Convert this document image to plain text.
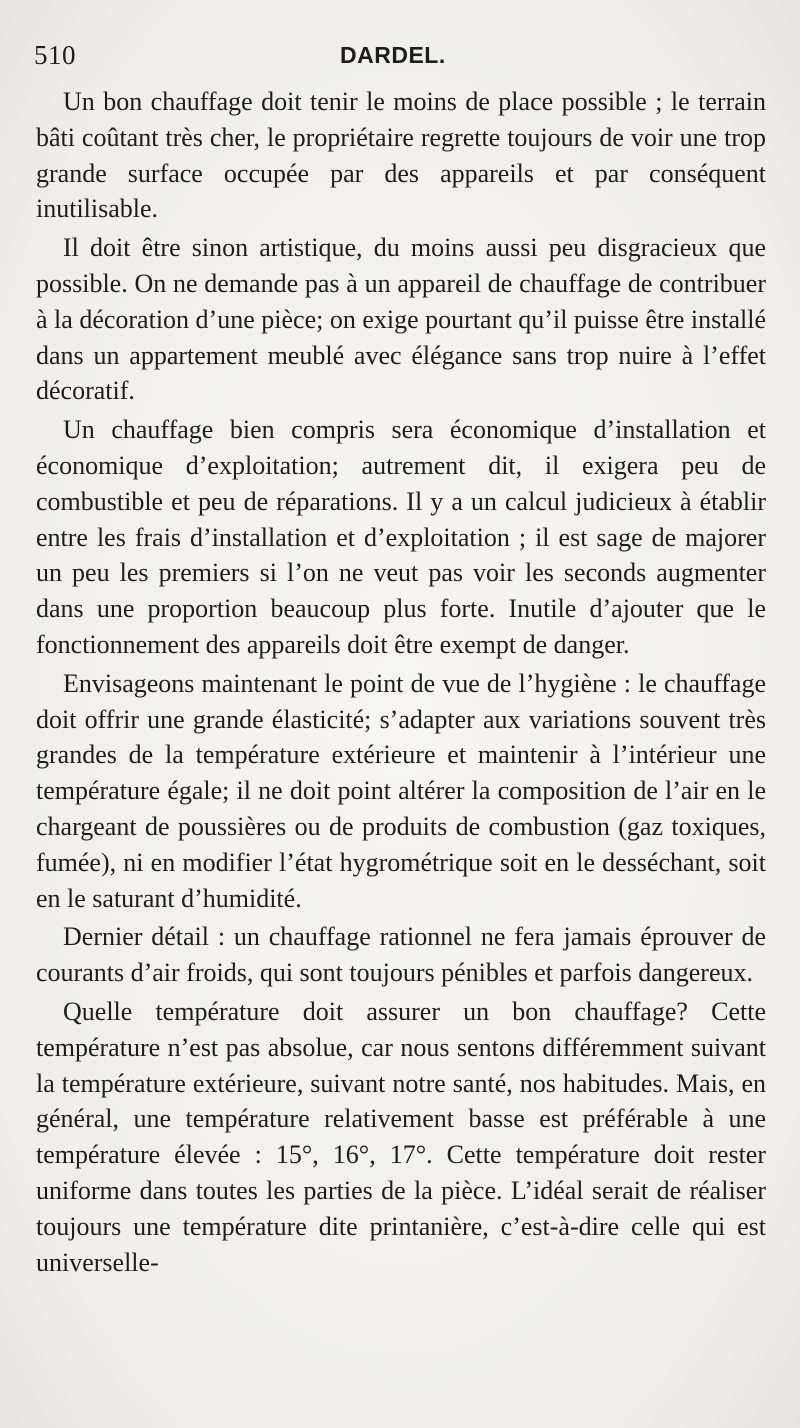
510	DARDEL.

Un bon chauffage doit tenir le moins de place possible ; le terrain bâti coûtant très cher, le propriétaire regrette toujours de voir une trop grande surface occupée par des appareils et par conséquent inutilisable.

Il doit être sinon artistique, du moins aussi peu disgracieux que possible. On ne demande pas à un appareil de chauffage de contribuer à la décoration d’une pièce; on exige pourtant qu’il puisse être installé dans un appartement meublé avec élégance sans trop nuire à l’effet décoratif.

Un chauffage bien compris sera économique d’installation et économique d’exploitation; autrement dit, il exigera peu de combustible et peu de réparations. Il y a un calcul judicieux à établir entre les frais d’installation et d’exploitation ; il est sage de majorer un peu les premiers si l’on ne veut pas voir les seconds augmenter dans une proportion beaucoup plus forte. Inutile d’ajouter que le fonctionnement des appareils doit être exempt de danger.

Envisageons maintenant le point de vue de l’hygiène : le chauffage doit offrir une grande élasticité; s’adapter aux variations souvent très grandes de la température extérieure et maintenir à l’intérieur une température égale; il ne doit point altérer la composition de l’air en le chargeant de poussières ou de produits de combustion (gaz toxiques, fumée), ni en modifier l’état hygrométrique soit en le desséchant, soit en le saturant d’humidité.

Dernier détail : un chauffage rationnel ne fera jamais éprouver de courants d’air froids, qui sont toujours pénibles et parfois dangereux.

Quelle température doit assurer un bon chauffage? Cette température n’est pas absolue, car nous sentons différemment suivant la température extérieure, suivant notre santé, nos habitudes. Mais, en général, une température relativement basse est préférable à une température élevée : 15°, 16°, 17°. Cette température doit rester uniforme dans toutes les parties de la pièce. L’idéal serait de réaliser toujours une température dite printanière, c’est-à-dire celle qui est universelle-
